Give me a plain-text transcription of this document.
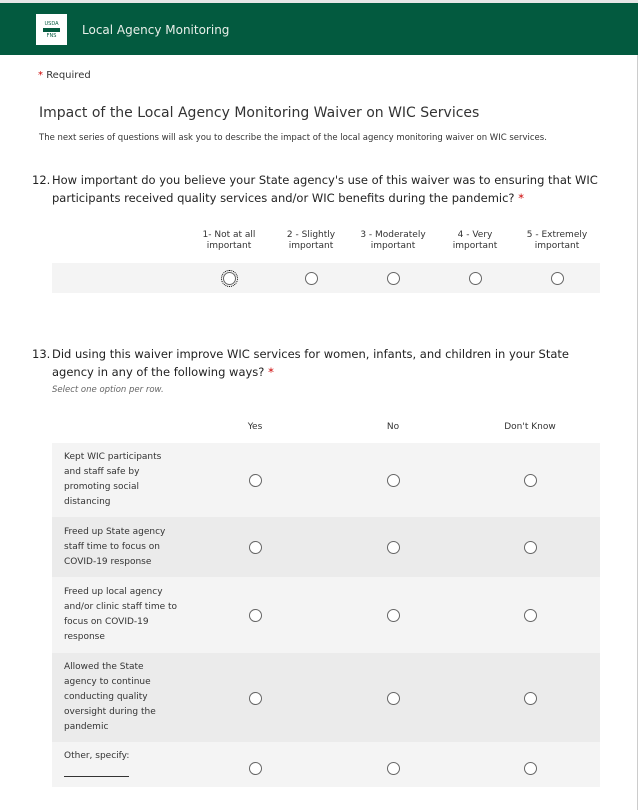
USDA
FNS Local Agency Monitoring
* Required
Impact of the Local Agency Monitoring Waiver on WIC Services
The next series of questions will ask you to describe the impact of the local agency monitoring waiver on WIC services.
12. How important do you believe your State agency's use of this waiver was to ensuring that WIC participants received quality services and/or WIC benefits during the pandemic? *
1- Not at all
important
2 - Slightly
important
3 - Moderately
important
4 - Very
important
5 - Extremely
important
13. Did using this waiver improve WIC services for women, infants, and children in your State agency in any of the following ways? *
Select one option per row.
Yes	No	Don't Know
Kept WIC participants and staff safe by promoting social distancing
Freed up State agency staff time to focus on COVID-19 response
Freed up local agency and/or clinic staff time to focus on COVID-19 response
Allowed the State agency to continue conducting quality oversight during the pandemic
Other, specify:
